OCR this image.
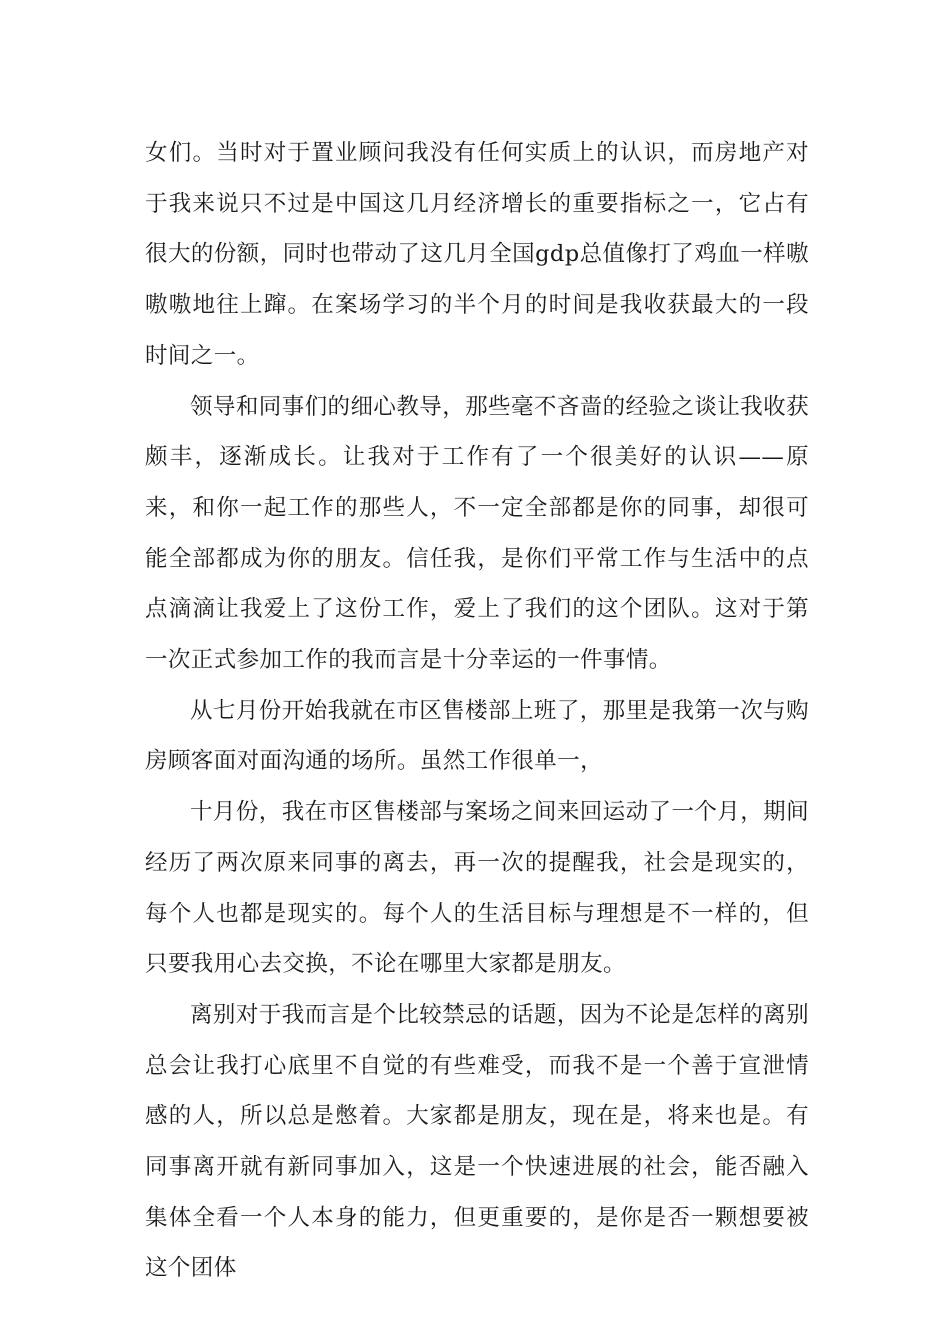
女们。当时对于置业顾问我没有任何实质上的认识，而房地产对于我来说只不过是中国这几月经济增长的重要指标之一，它占有很大的份额，同时也带动了这几月全国gdp总值像打了鸡血一样嗷嗷嗷地往上蹿。在案场学习的半个月的时间是我收获最大的一段时间之一。

领导和同事们的细心教导，那些毫不吝啬的经验之谈让我收获颇丰，逐渐成长。让我对于工作有了一个很美好的认识——原来，和你一起工作的那些人，不一定全部都是你的同事，却很可能全部都成为你的朋友。信任我，是你们平常工作与生活中的点点滴滴让我爱上了这份工作，爱上了我们的这个团队。这对于第一次正式参加工作的我而言是十分幸运的一件事情。

从七月份开始我就在市区售楼部上班了，那里是我第一次与购房顾客面对面沟通的场所。虽然工作很单一，

十月份，我在市区售楼部与案场之间来回运动了一个月，期间经历了两次原来同事的离去，再一次的提醒我，社会是现实的，每个人也都是现实的。每个人的生活目标与理想是不一样的，但只要我用心去交换，不论在哪里大家都是朋友。

离别对于我而言是个比较禁忌的话题，因为不论是怎样的离别总会让我打心底里不自觉的有些难受，而我不是一个善于宣泄情感的人，所以总是憋着。大家都是朋友，现在是，将来也是。有同事离开就有新同事加入，这是一个快速进展的社会，能否融入集体全看一个人本身的能力，但更重要的，是你是否一颗想要被这个团体
